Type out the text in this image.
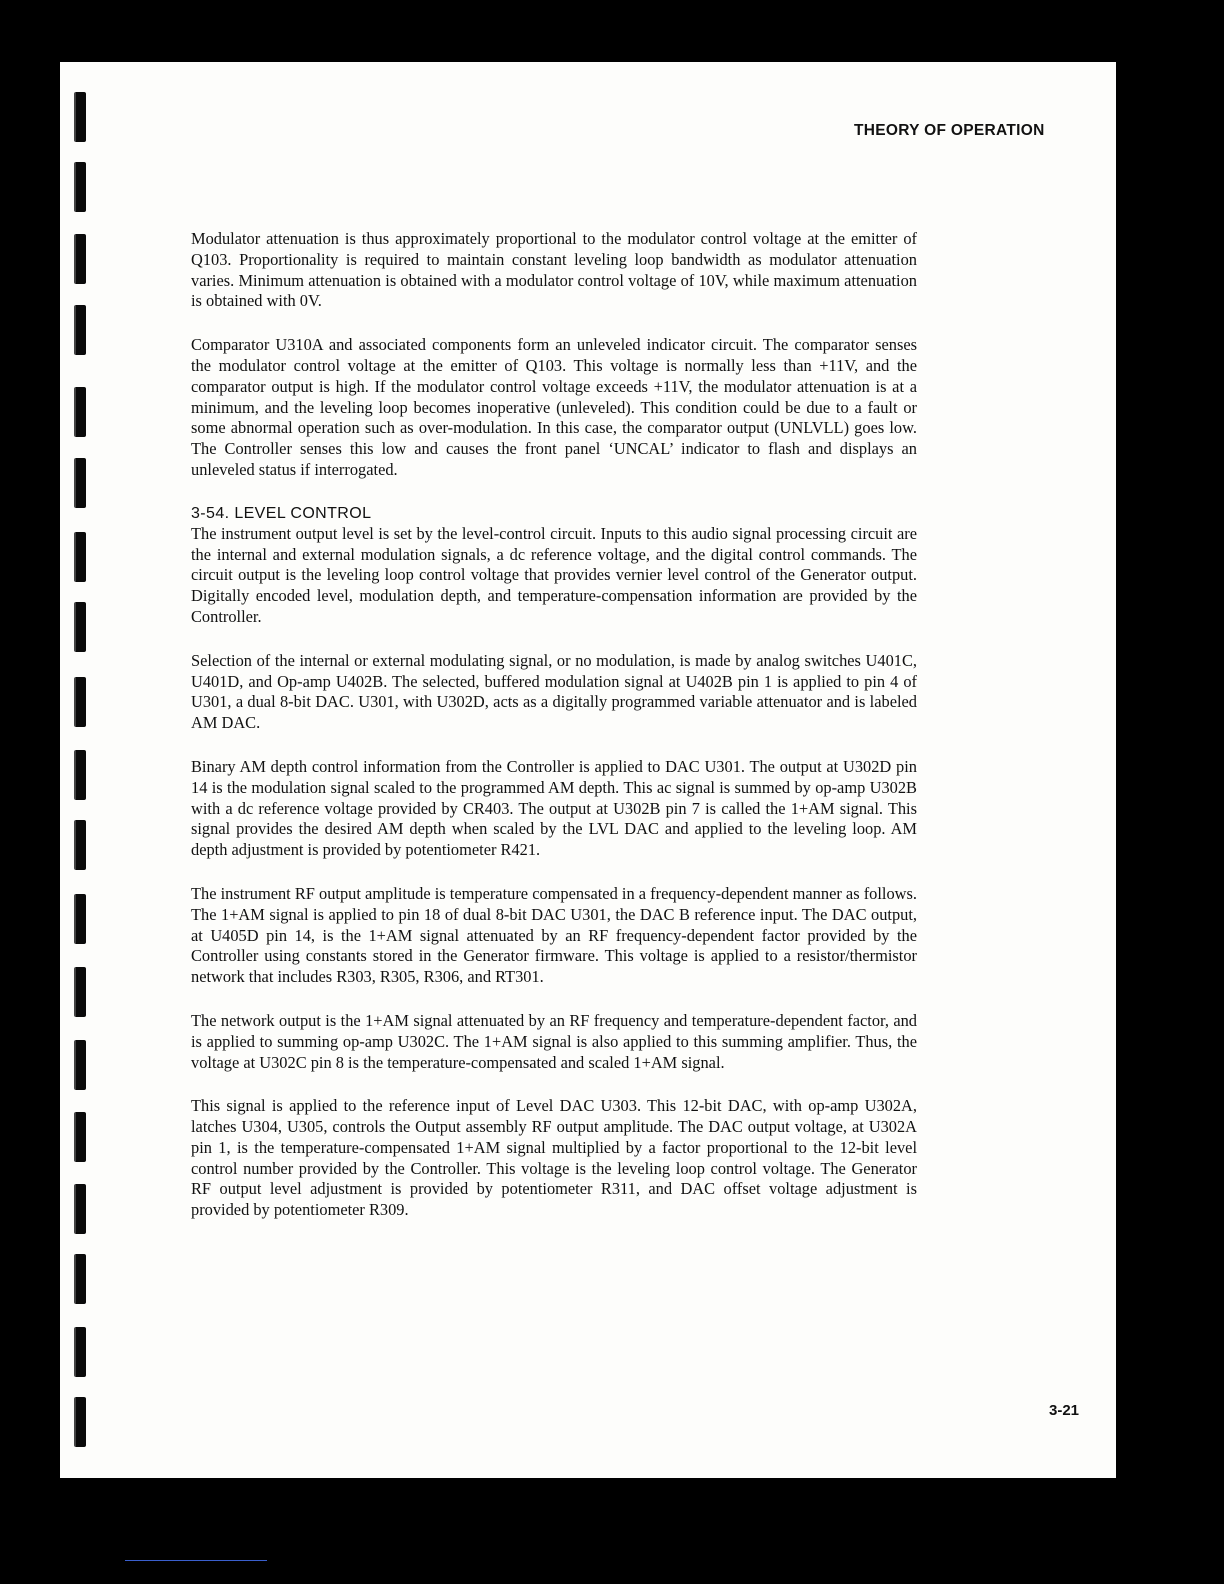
THEORY OF OPERATION

Modulator attenuation is thus approximately proportional to the modulator control voltage at the emitter of Q103. Proportionality is required to maintain constant leveling loop bandwidth as modulator attenuation varies. Minimum attenuation is obtained with a modulator control voltage of 10V, while maximum attenuation is obtained with 0V.

Comparator U310A and associated components form an unleveled indicator circuit. The comparator senses the modulator control voltage at the emitter of Q103. This voltage is normally less than +11V, and the comparator output is high. If the modulator control voltage exceeds +11V, the modulator attenuation is at a minimum, and the leveling loop becomes inoperative (unleveled). This condition could be due to a fault or some abnormal operation such as over-modulation. In this case, the comparator output (UNLVLL) goes low. The Controller senses this low and causes the front panel ‘UNCAL’ indicator to flash and displays an unleveled status if interrogated.

3-54. LEVEL CONTROL

The instrument output level is set by the level-control circuit. Inputs to this audio signal processing circuit are the internal and external modulation signals, a dc reference voltage, and the digital control commands. The circuit output is the leveling loop control voltage that provides vernier level control of the Generator output. Digitally encoded level, modulation depth, and temperature-compensation information are provided by the Controller.

Selection of the internal or external modulating signal, or no modulation, is made by analog switches U401C, U401D, and Op-amp U402B. The selected, buffered modulation signal at U402B pin 1 is applied to pin 4 of U301, a dual 8-bit DAC. U301, with U302D, acts as a digitally programmed variable attenuator and is labeled AM DAC.

Binary AM depth control information from the Controller is applied to DAC U301. The output at U302D pin 14 is the modulation signal scaled to the programmed AM depth. This ac signal is summed by op-amp U302B with a dc reference voltage provided by CR403. The output at U302B pin 7 is called the 1+AM signal. This signal provides the desired AM depth when scaled by the LVL DAC and applied to the leveling loop. AM depth adjustment is provided by potentiometer R421.

The instrument RF output amplitude is temperature compensated in a frequency-dependent manner as follows. The 1+AM signal is applied to pin 18 of dual 8-bit DAC U301, the DAC B reference input. The DAC output, at U405D pin 14, is the 1+AM signal attenuated by an RF frequency-dependent factor provided by the Controller using constants stored in the Generator firmware. This voltage is applied to a resistor/thermistor network that includes R303, R305, R306, and RT301.

The network output is the 1+AM signal attenuated by an RF frequency and temperature-dependent factor, and is applied to summing op-amp U302C. The 1+AM signal is also applied to this summing amplifier. Thus, the voltage at U302C pin 8 is the temperature-compensated and scaled 1+AM signal.

This signal is applied to the reference input of Level DAC U303. This 12-bit DAC, with op-amp U302A, latches U304, U305, controls the Output assembly RF output amplitude. The DAC output voltage, at U302A pin 1, is the temperature-compensated 1+AM signal multiplied by a factor proportional to the 12-bit level control number provided by the Controller. This voltage is the leveling loop control voltage. The Generator RF output level adjustment is provided by potentiometer R311, and DAC offset voltage adjustment is provided by potentiometer R309.

3-21
